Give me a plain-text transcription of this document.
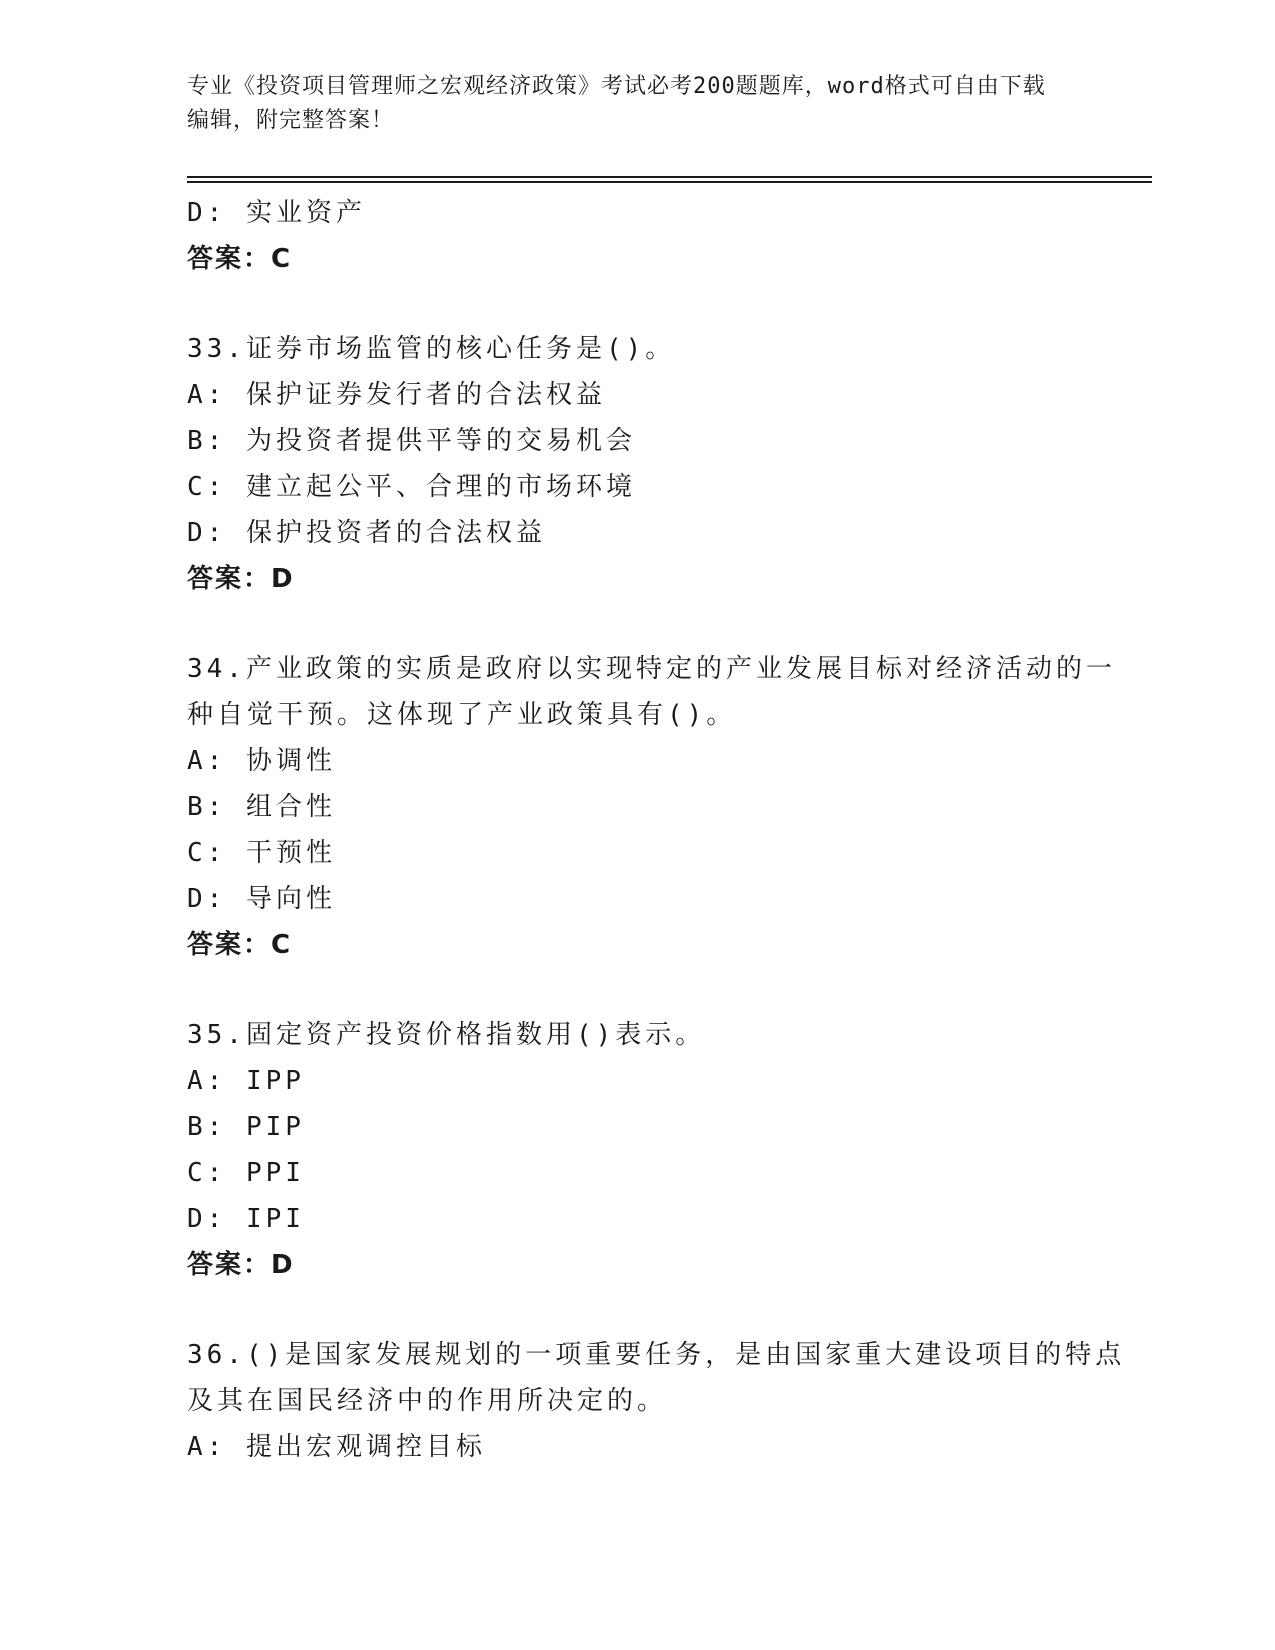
专业《投资项目管理师之宏观经济政策》考试必考200题题库，word格式可自由下载编辑，附完整答案！
D: 实业资产
答案：C
33.证券市场监管的核心任务是()。
A: 保护证券发行者的合法权益
B: 为投资者提供平等的交易机会
C: 建立起公平、合理的市场环境
D: 保护投资者的合法权益
答案：D
34.产业政策的实质是政府以实现特定的产业发展目标对经济活动的一
种自觉干预。这体现了产业政策具有()。
A: 协调性
B: 组合性
C: 干预性
D: 导向性
答案：C
35.固定资产投资价格指数用()表示。
A: IPP
B: PIP
C: PPI
D: IPI
答案：D
36.()是国家发展规划的一项重要任务，是由国家重大建设项目的特点
及其在国民经济中的作用所决定的。
A: 提出宏观调控目标
